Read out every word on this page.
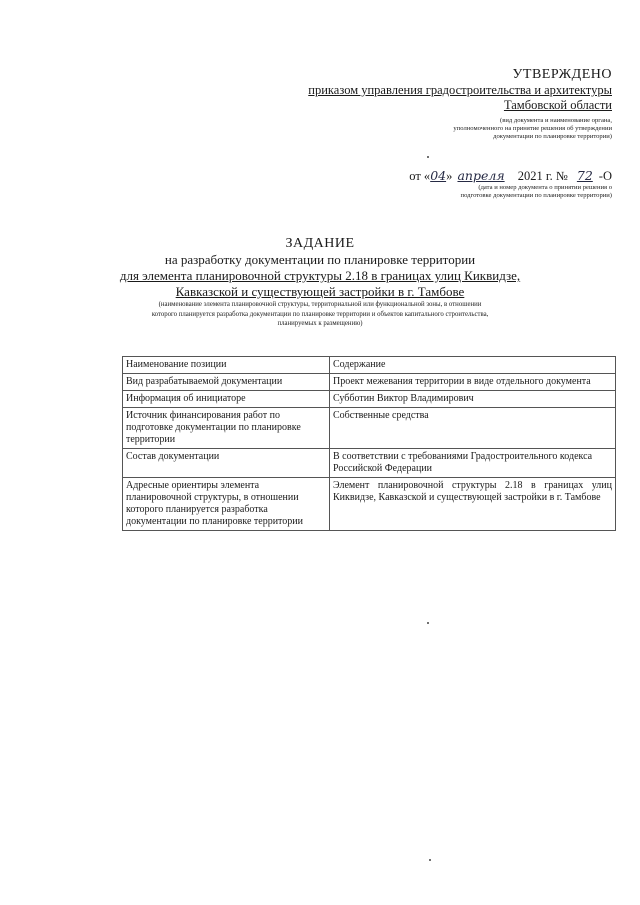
УТВЕРЖДЕНО
приказом управления градостроительства и архитектуры
Тамбовской области
(вид документа и наименование органа,
уполномоченного на принятие решения об утверждении
документации по планировке территории)
от «04» апреля 2021 г. № 72 -О
(дата и номер документа о принятии решения о
подготовке документации по планировке территории)
ЗАДАНИЕ
на разработку документации по планировке территории
для элемента планировочной структуры 2.18 в границах улиц Киквидзе,
Кавказской и существующей застройки в г. Тамбове
(наименование элемента планировочной структуры, территориальной или функциональной зоны, в отношении
которого планируется разработка документации по планировке территории и объектов капитального строительства,
планируемых к размещению)
Наименование позиции	Содержание
Вид разрабатываемой документации	Проект межевания территории в виде отдельного документа
Информация об инициаторе	Субботин Виктор Владимирович
Источник финансирования работ по подготовке документации по планировке территории	Собственные средства
Состав документации	В соответствии с требованиями Градостроительного кодекса Российской Федерации
Адресные ориентиры элемента планировочной структуры, в отношении которого планируется разработка документации по планировке территории	Элемент планировочной структуры 2.18 в границах улиц Киквидзе, Кавказской и существующей застройки в г. Тамбове
